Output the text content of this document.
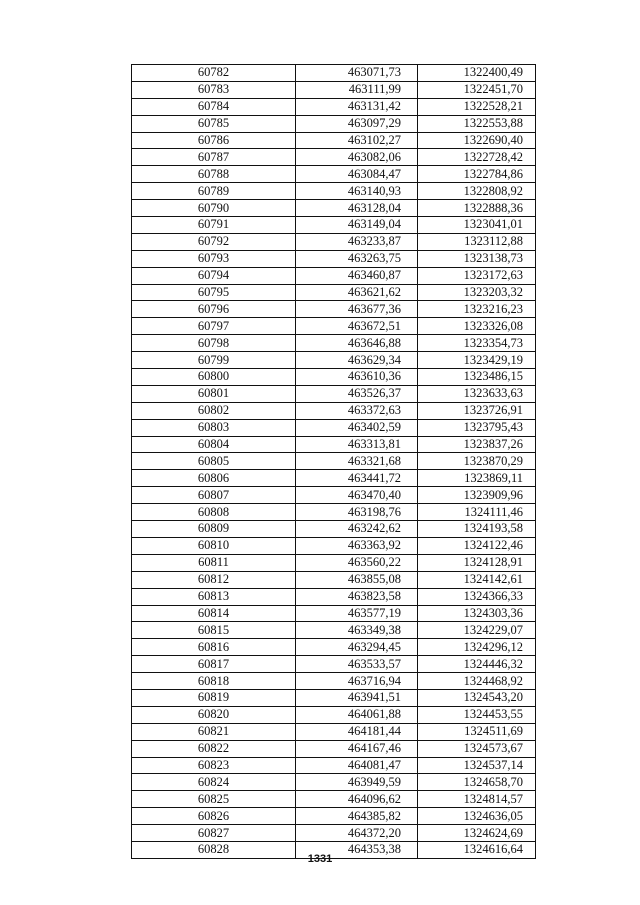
60782	463071,73	1322400,49
60783	463111,99	1322451,70
60784	463131,42	1322528,21
60785	463097,29	1322553,88
60786	463102,27	1322690,40
60787	463082,06	1322728,42
60788	463084,47	1322784,86
60789	463140,93	1322808,92
60790	463128,04	1322888,36
60791	463149,04	1323041,01
60792	463233,87	1323112,88
60793	463263,75	1323138,73
60794	463460,87	1323172,63
60795	463621,62	1323203,32
60796	463677,36	1323216,23
60797	463672,51	1323326,08
60798	463646,88	1323354,73
60799	463629,34	1323429,19
60800	463610,36	1323486,15
60801	463526,37	1323633,63
60802	463372,63	1323726,91
60803	463402,59	1323795,43
60804	463313,81	1323837,26
60805	463321,68	1323870,29
60806	463441,72	1323869,11
60807	463470,40	1323909,96
60808	463198,76	1324111,46
60809	463242,62	1324193,58
60810	463363,92	1324122,46
60811	463560,22	1324128,91
60812	463855,08	1324142,61
60813	463823,58	1324366,33
60814	463577,19	1324303,36
60815	463349,38	1324229,07
60816	463294,45	1324296,12
60817	463533,57	1324446,32
60818	463716,94	1324468,92
60819	463941,51	1324543,20
60820	464061,88	1324453,55
60821	464181,44	1324511,69
60822	464167,46	1324573,67
60823	464081,47	1324537,14
60824	463949,59	1324658,70
60825	464096,62	1324814,57
60826	464385,82	1324636,05
60827	464372,20	1324624,69
60828	464353,38	1324616,64
1331
